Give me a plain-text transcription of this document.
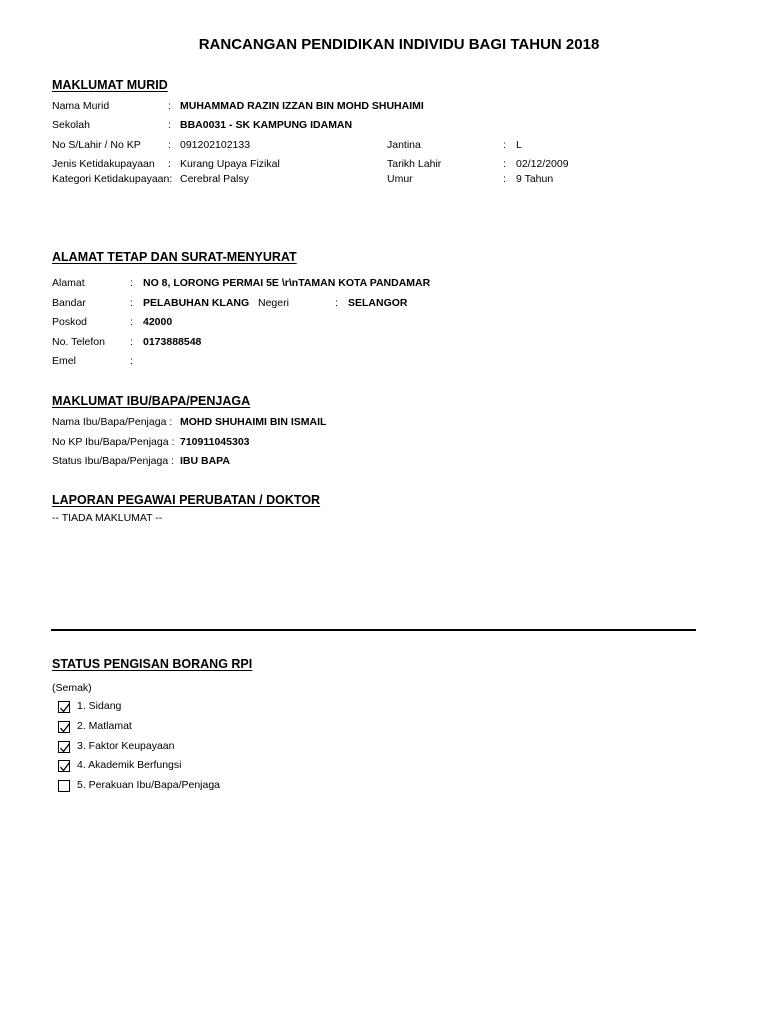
RANCANGAN PENDIDIKAN INDIVIDU BAGI TAHUN 2018
MAKLUMAT MURID
Nama Murid	: MUHAMMAD RAZIN IZZAN BIN MOHD SHUHAIMI
Sekolah	: BBA0031 - SK KAMPUNG IDAMAN
No S/Lahir / No KP	: 091202102133	Jantina	: L
Jenis Ketidakupayaan : Kurang Upaya Fizikal	Tarikh Lahir	: 02/12/2009
Kategori Ketidakupayaan: Cerebral Palsy	Umur	: 9 Tahun
ALAMAT TETAP DAN SURAT-MENYURAT
Alamat	: NO 8, LORONG PERMAI 5E \r\nTAMAN KOTA PANDAMAR
Bandar	: PELABUHAN KLANG Negeri	: SELANGOR
Poskod	: 42000
No. Telefon : 0173888548
Emel	:
MAKLUMAT IBU/BAPA/PENJAGA
Nama Ibu/Bapa/Penjaga : MOHD SHUHAIMI BIN ISMAIL
No KP Ibu/Bapa/Penjaga : 710911045303
Status Ibu/Bapa/Penjaga : IBU BAPA
LAPORAN PEGAWAI PERUBATAN / DOKTOR
-- TIADA MAKLUMAT --
STATUS PENGISAN BORANG RPI
(Semak)
1. Sidang
2. Matlamat
3. Faktor Keupayaan
4. Akademik Berfungsi
5. Perakuan Ibu/Bapa/Penjaga
